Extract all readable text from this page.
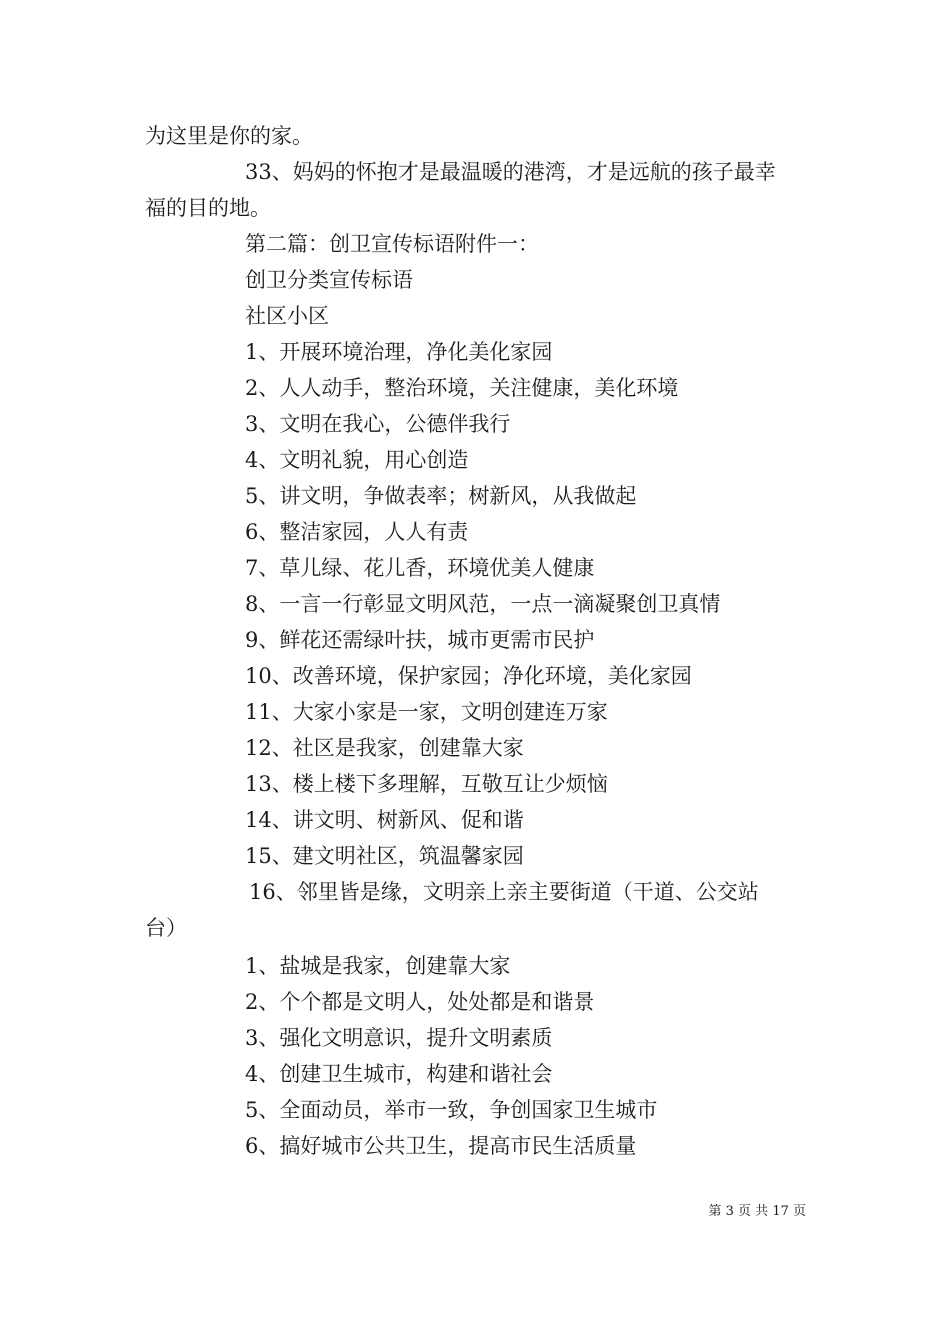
为这里是你的家。
33、妈妈的怀抱才是最温暖的港湾，才是远航的孩子最幸
福的目的地。
第二篇：创卫宣传标语附件一：
创卫分类宣传标语
社区小区
1、开展环境治理，净化美化家园
2、人人动手，整治环境，关注健康，美化环境
3、文明在我心，公德伴我行
4、文明礼貌，用心创造
5、讲文明，争做表率；树新风，从我做起
6、整洁家园，人人有责
7、草儿绿、花儿香，环境优美人健康
8、一言一行彰显文明风范，一点一滴凝聚创卫真情
9、鲜花还需绿叶扶，城市更需市民护
10、改善环境，保护家园；净化环境，美化家园
11、大家小家是一家，文明创建连万家
12、社区是我家，创建靠大家
13、楼上楼下多理解，互敬互让少烦恼
14、讲文明、树新风、促和谐
15、建文明社区，筑温馨家园
16、邻里皆是缘，文明亲上亲主要街道（干道、公交站
台）
1、盐城是我家，创建靠大家
2、个个都是文明人，处处都是和谐景
3、强化文明意识，提升文明素质
4、创建卫生城市，构建和谐社会
5、全面动员，举市一致，争创国家卫生城市
6、搞好城市公共卫生，提高市民生活质量
第 3 页 共 17 页
